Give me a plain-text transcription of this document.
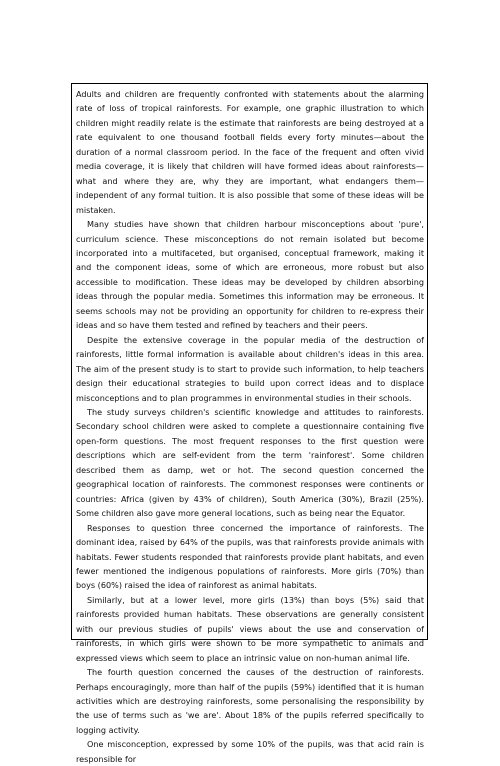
Adults and children are frequently confronted with statements about the alarming rate of loss of tropical rainforests. For example, one graphic illustration to which children might readily relate is the estimate that rainforests are being destroyed at a rate equivalent to one thousand football fields every forty minutes—about the duration of a normal classroom period. In the face of the frequent and often vivid media coverage, it is likely that children will have formed ideas about rainforests—what and where they are, why they are important, what endangers them—independent of any formal tuition. It is also possible that some of these ideas will be mistaken.

Many studies have shown that children harbour misconceptions about 'pure', curriculum science. These misconceptions do not remain isolated but become incorporated into a multifaceted, but organised, conceptual framework, making it and the component ideas, some of which are erroneous, more robust but also accessible to modification. These ideas may be developed by children absorbing ideas through the popular media. Sometimes this information may be erroneous. It seems schools may not be providing an opportunity for children to re-express their ideas and so have them tested and refined by teachers and their peers.

Despite the extensive coverage in the popular media of the destruction of rainforests, little formal information is available about children's ideas in this area. The aim of the present study is to start to provide such information, to help teachers design their educational strategies to build upon correct ideas and to displace misconceptions and to plan programmes in environmental studies in their schools.

The study surveys children's scientific knowledge and attitudes to rainforests. Secondary school children were asked to complete a questionnaire containing five open-form questions. The most frequent responses to the first question were descriptions which are self-evident from the term 'rainforest'. Some children described them as damp, wet or hot. The second question concerned the geographical location of rainforests. The commonest responses were continents or countries: Africa (given by 43% of children), South America (30%), Brazil (25%). Some children also gave more general locations, such as being near the Equator.

Responses to question three concerned the importance of rainforests. The dominant idea, raised by 64% of the pupils, was that rainforests provide animals with habitats. Fewer students responded that rainforests provide plant habitats, and even fewer mentioned the indigenous populations of rainforests. More girls (70%) than boys (60%) raised the idea of rainforest as animal habitats.

Similarly, but at a lower level, more girls (13%) than boys (5%) said that rainforests provided human habitats. These observations are generally consistent with our previous studies of pupils' views about the use and conservation of rainforests, in which girls were shown to be more sympathetic to animals and expressed views which seem to place an intrinsic value on non-human animal life.

The fourth question concerned the causes of the destruction of rainforests. Perhaps encouragingly, more than half of the pupils (59%) identified that it is human activities which are destroying rainforests, some personalising the responsibility by the use of terms such as 'we are'. About 18% of the pupils referred specifically to logging activity.

One misconception, expressed by some 10% of the pupils, was that acid rain is responsible for
